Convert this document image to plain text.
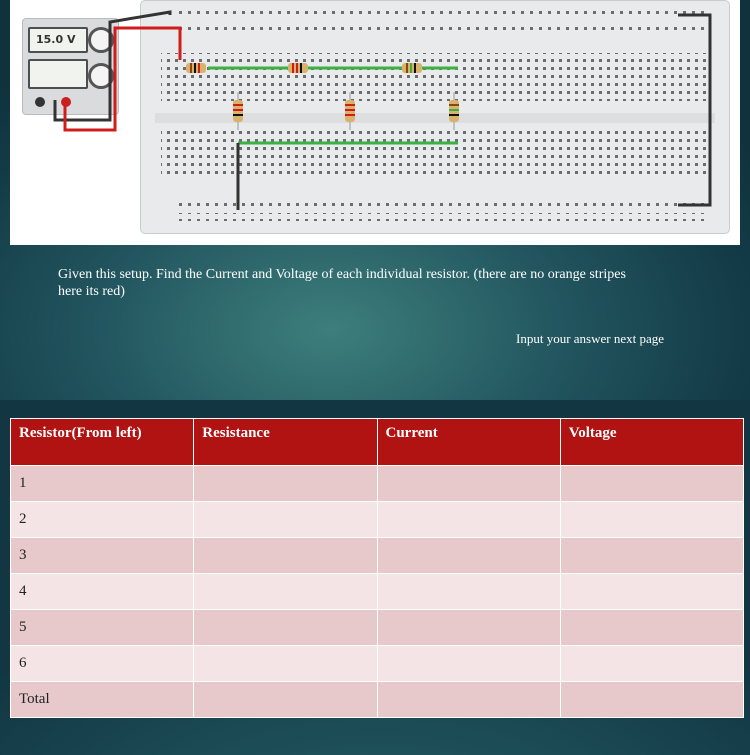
15.0 V

Given this setup. Find the Current and Voltage of each individual resistor. (there are no orange stripes here its red)

Input your answer next page
Resistor(From left)	Resistance	Current	Voltage
1			
2			
3			
4			
5			
6			
Total			
